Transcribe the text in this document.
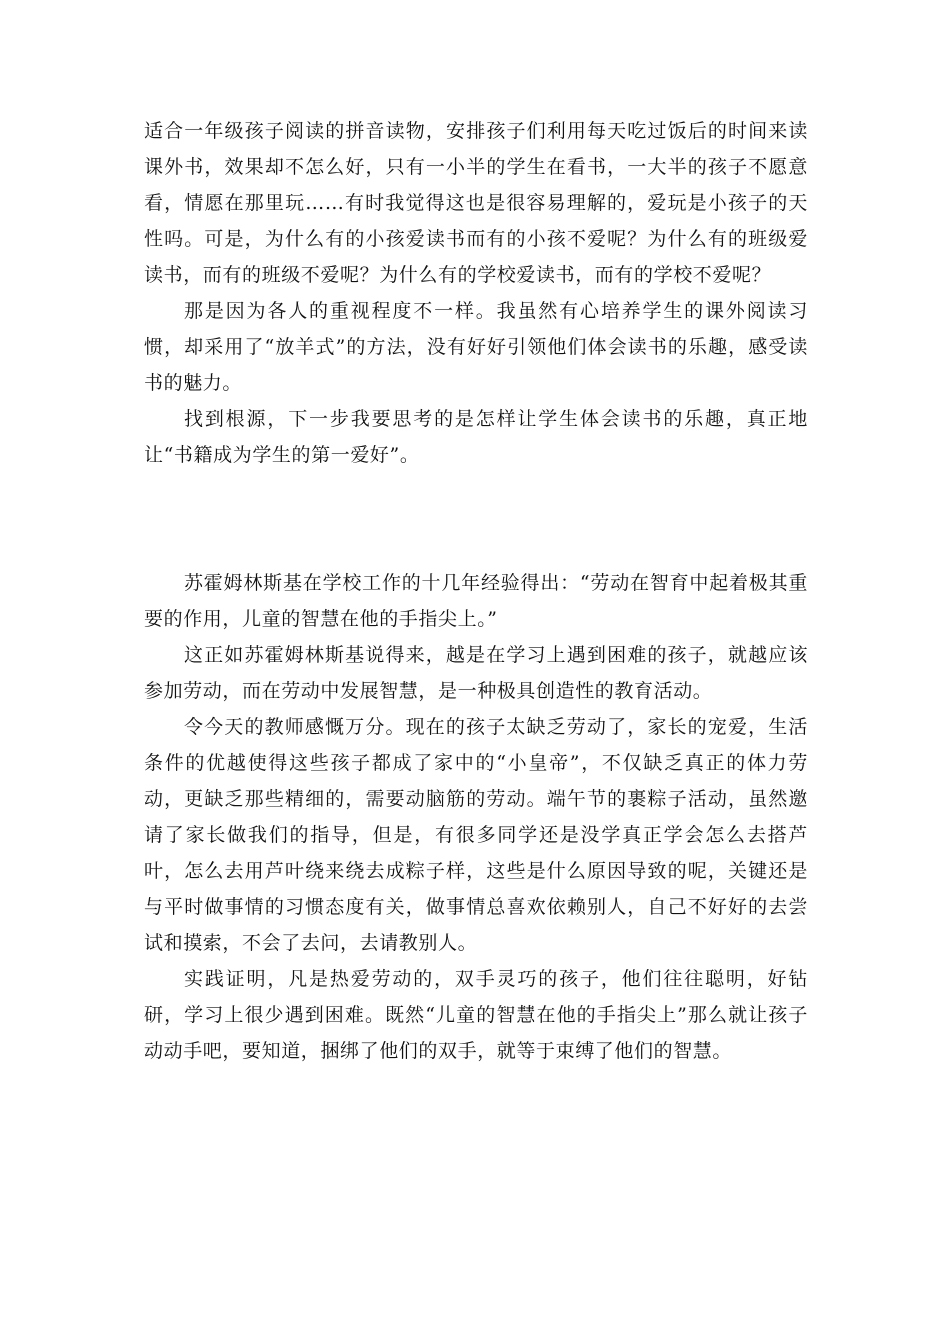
适合一年级孩子阅读的拼音读物，安排孩子们利用每天吃过饭后的时间来读课外书，效果却不怎么好，只有一小半的学生在看书，一大半的孩子不愿意看，情愿在那里玩……有时我觉得这也是很容易理解的，爱玩是小孩子的天性吗。可是，为什么有的小孩爱读书而有的小孩不爱呢？为什么有的班级爱读书，而有的班级不爱呢？为什么有的学校爱读书，而有的学校不爱呢？

那是因为各人的重视程度不一样。我虽然有心培养学生的课外阅读习惯，却采用了“放羊式”的方法，没有好好引领他们体会读书的乐趣，感受读书的魅力。

找到根源，下一步我要思考的是怎样让学生体会读书的乐趣，真正地让“书籍成为学生的第一爱好”。

苏霍姆林斯基在学校工作的十几年经验得出：“劳动在智育中起着极其重要的作用，儿童的智慧在他的手指尖上。”

这正如苏霍姆林斯基说得来，越是在学习上遇到困难的孩子，就越应该参加劳动，而在劳动中发展智慧，是一种极具创造性的教育活动。

令今天的教师感慨万分。现在的孩子太缺乏劳动了，家长的宠爱，生活条件的优越使得这些孩子都成了家中的“小皇帝”，不仅缺乏真正的体力劳动，更缺乏那些精细的，需要动脑筋的劳动。端午节的裹粽子活动，虽然邀请了家长做我们的指导，但是，有很多同学还是没学真正学会怎么去搭芦叶，怎么去用芦叶绕来绕去成粽子样，这些是什么原因导致的呢，关键还是与平时做事情的习惯态度有关，做事情总喜欢依赖别人，自己不好好的去尝试和摸索，不会了去问，去请教别人。

实践证明，凡是热爱劳动的，双手灵巧的孩子，他们往往聪明，好钻研，学习上很少遇到困难。既然“儿童的智慧在他的手指尖上”那么就让孩子动动手吧，要知道，捆绑了他们的双手，就等于束缚了他们的智慧。
